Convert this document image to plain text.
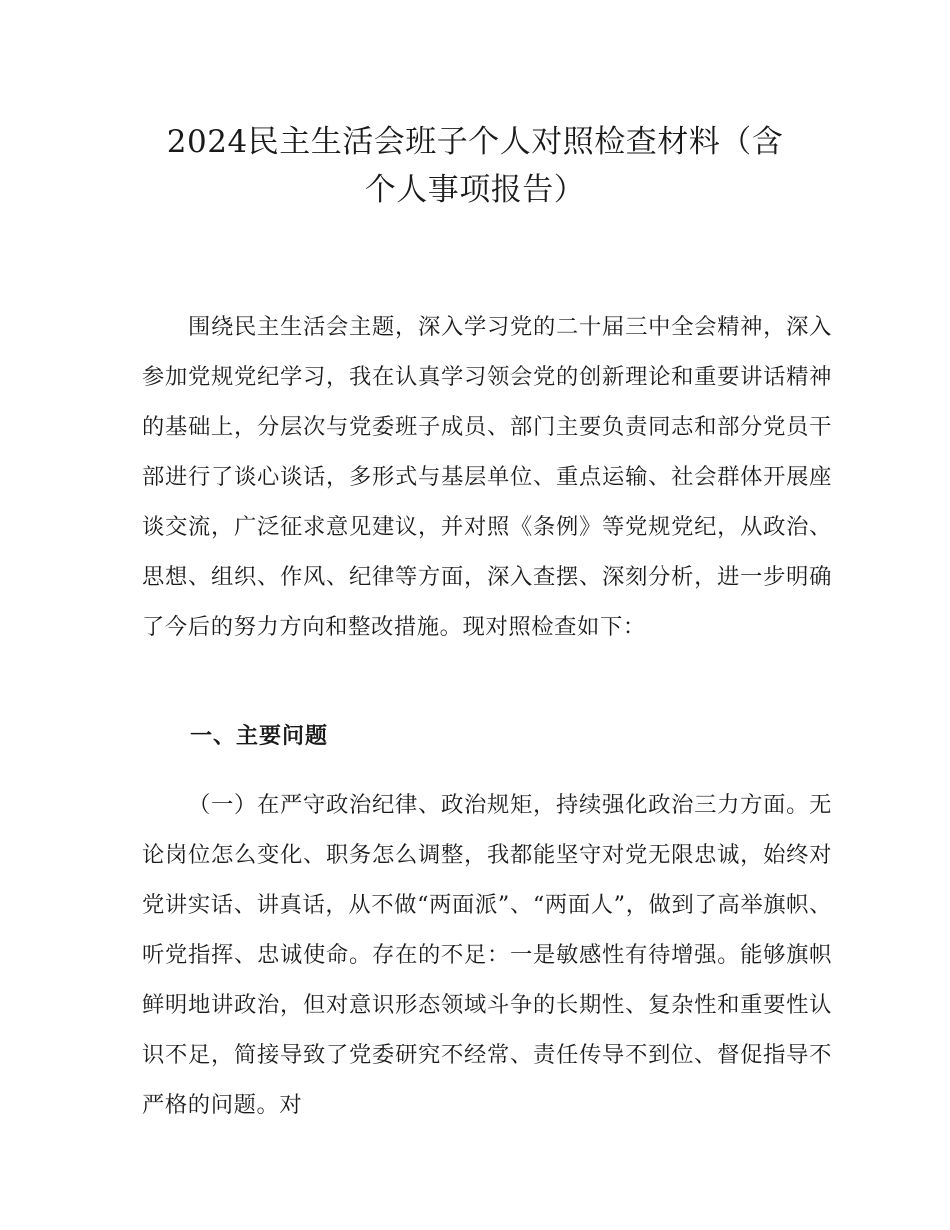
2024民主生活会班子个人对照检查材料（含
个人事项报告）
围绕民主生活会主题，深入学习党的二十届三中全会精神，深入参加党规党纪学习，我在认真学习领会党的创新理论和重要讲话精神的基础上，分层次与党委班子成员、部门主要负责同志和部分党员干部进行了谈心谈话，多形式与基层单位、重点运输、社会群体开展座谈交流，广泛征求意见建议，并对照《条例》等党规党纪，从政治、思想、组织、作风、纪律等方面，深入查摆、深刻分析，进一步明确了今后的努力方向和整改措施。现对照检查如下：
一、主要问题
（一）在严守政治纪律、政治规矩，持续强化政治三力方面。无论岗位怎么变化、职务怎么调整，我都能坚守对党无限忠诚，始终对党讲实话、讲真话，从不做“两面派”、“两面人”，做到了高举旗帜、听党指挥、忠诚使命。存在的不足：一是敏感性有待增强。能够旗帜鲜明地讲政治，但对意识形态领域斗争的长期性、复杂性和重要性认识不足，简接导致了党委研究不经常、责任传导不到位、督促指导不严格的问题。对
